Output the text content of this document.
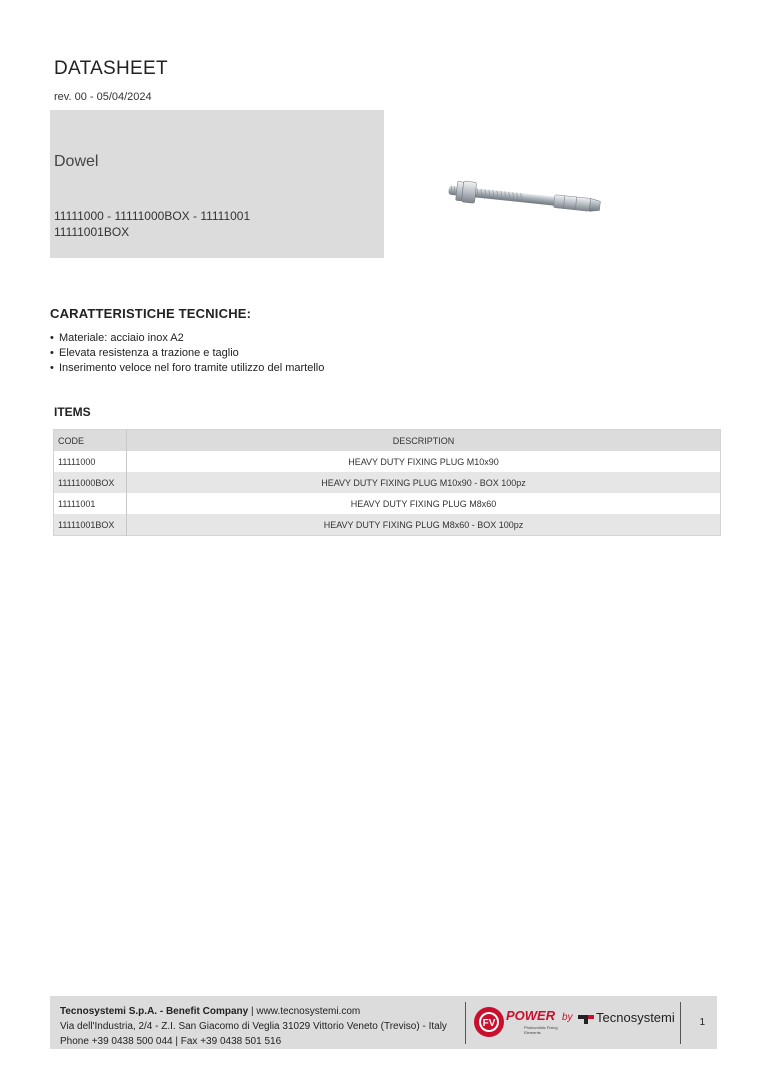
DATASHEET
rev. 00 - 05/04/2024
Dowel
11111000 - 11111000BOX - 11111001
11111001BOX
CARATTERISTICHE TECNICHE:
• Materiale: acciaio inox A2
• Elevata resistenza a trazione e taglio
• Inserimento veloce nel foro tramite utilizzo del martello
ITEMS
CODE	DESCRIPTION
11111000	HEAVY DUTY FIXING PLUG M10x90
11111000BOX	HEAVY DUTY FIXING PLUG M10x90 - BOX 100pz
11111001	HEAVY DUTY FIXING PLUG M8x60
11111001BOX	HEAVY DUTY FIXING PLUG M8x60 - BOX 100pz
Tecnosystemi S.p.A. - Benefit Company | www.tecnosystemi.com
Via dell'Industria, 2/4 - Z.I. San Giacomo di Veglia 31029 Vittorio Veneto (Treviso) - Italy
Phone +39 0438 500 044 | Fax +39 0438 501 516
FV
POWER
Photovoltaic Fixing Elements
by Tecnosystemi 1
